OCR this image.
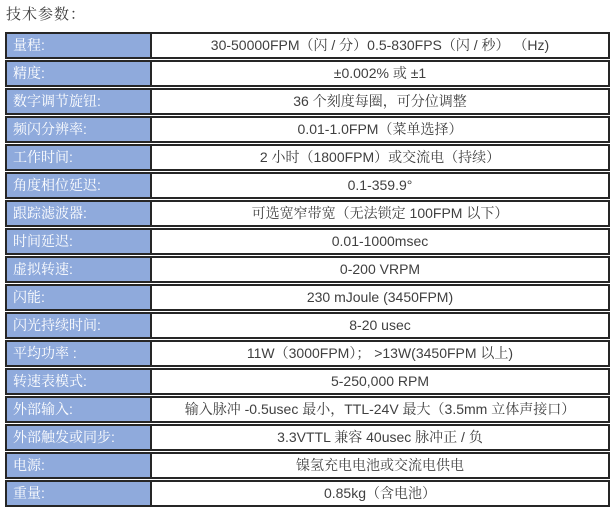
技术参数：
量程:	30-50000FPM（闪 / 分）0.5-830FPS（闪 / 秒） （Hz)
精度:	±0.002% 或 ±1
数字调节旋钮:	36 个刻度每圈，可分位调整
频闪分辨率:	0.01-1.0FPM（菜单选择）
工作时间:	2 小时（1800FPM）或交流电（持续）
角度相位延迟:	0.1-359.9°
跟踪滤波器:	可选宽窄带宽（无法锁定 100FPM 以下）
时间延迟:	0.01-1000msec
虚拟转速:	0-200 VRPM
闪能:	230 mJoule (3450FPM)
闪光持续时间:	8-20 usec
平均功率 :	11W（3000FPM）； >13W(3450FPM 以上)
转速表模式:	5-250,000 RPM
外部输入:	输入脉冲 -0.5usec 最小，TTL-24V 最大（3.5mm 立体声接口）
外部触发或同步:	3.3VTTL 兼容 40usec 脉冲正 / 负
电源:	镍氢充电电池或交流电供电
重量:	0.85kg（含电池）
